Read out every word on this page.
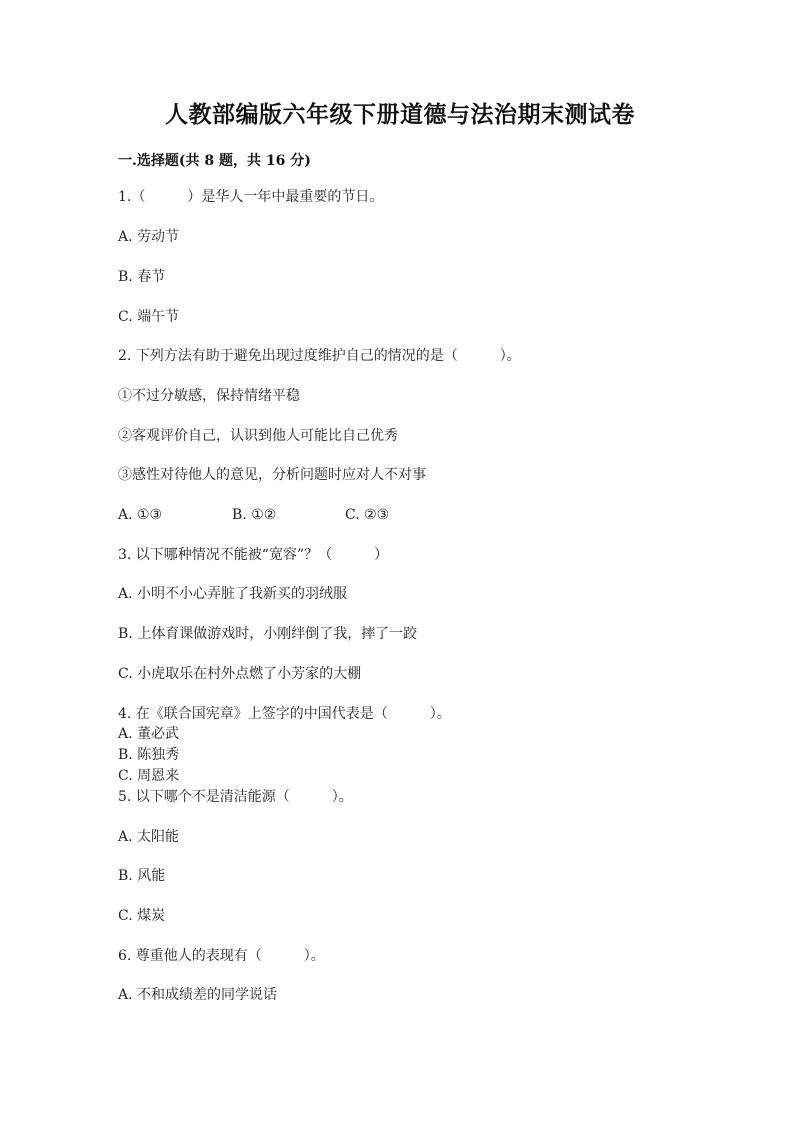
人教部编版六年级下册道德与法治期末测试卷
一.选择题(共 8 题，共 16 分)
1.（　　　）是华人一年中最重要的节日。
A. 劳动节
B. 春节
C. 端午节
2. 下列方法有助于避免出现过度维护自己的情况的是（　　　）。
①不过分敏感，保持情绪平稳
②客观评价自己，认识到他人可能比自己优秀
③感性对待他人的意见，分析问题时应对人不对事
A. ①③	B. ①②	C. ②③
3. 以下哪种情况不能被“宽容”？（　　　）
A. 小明不小心弄脏了我新买的羽绒服
B. 上体育课做游戏时，小刚绊倒了我，摔了一跤
C. 小虎取乐在村外点燃了小芳家的大棚
4. 在《联合国宪章》上签字的中国代表是（　　　）。
A. 董必武
B. 陈独秀
C. 周恩来
5. 以下哪个不是清洁能源（　　　）。
A. 太阳能
B. 风能
C. 煤炭
6. 尊重他人的表现有（　　　）。
A. 不和成绩差的同学说话
